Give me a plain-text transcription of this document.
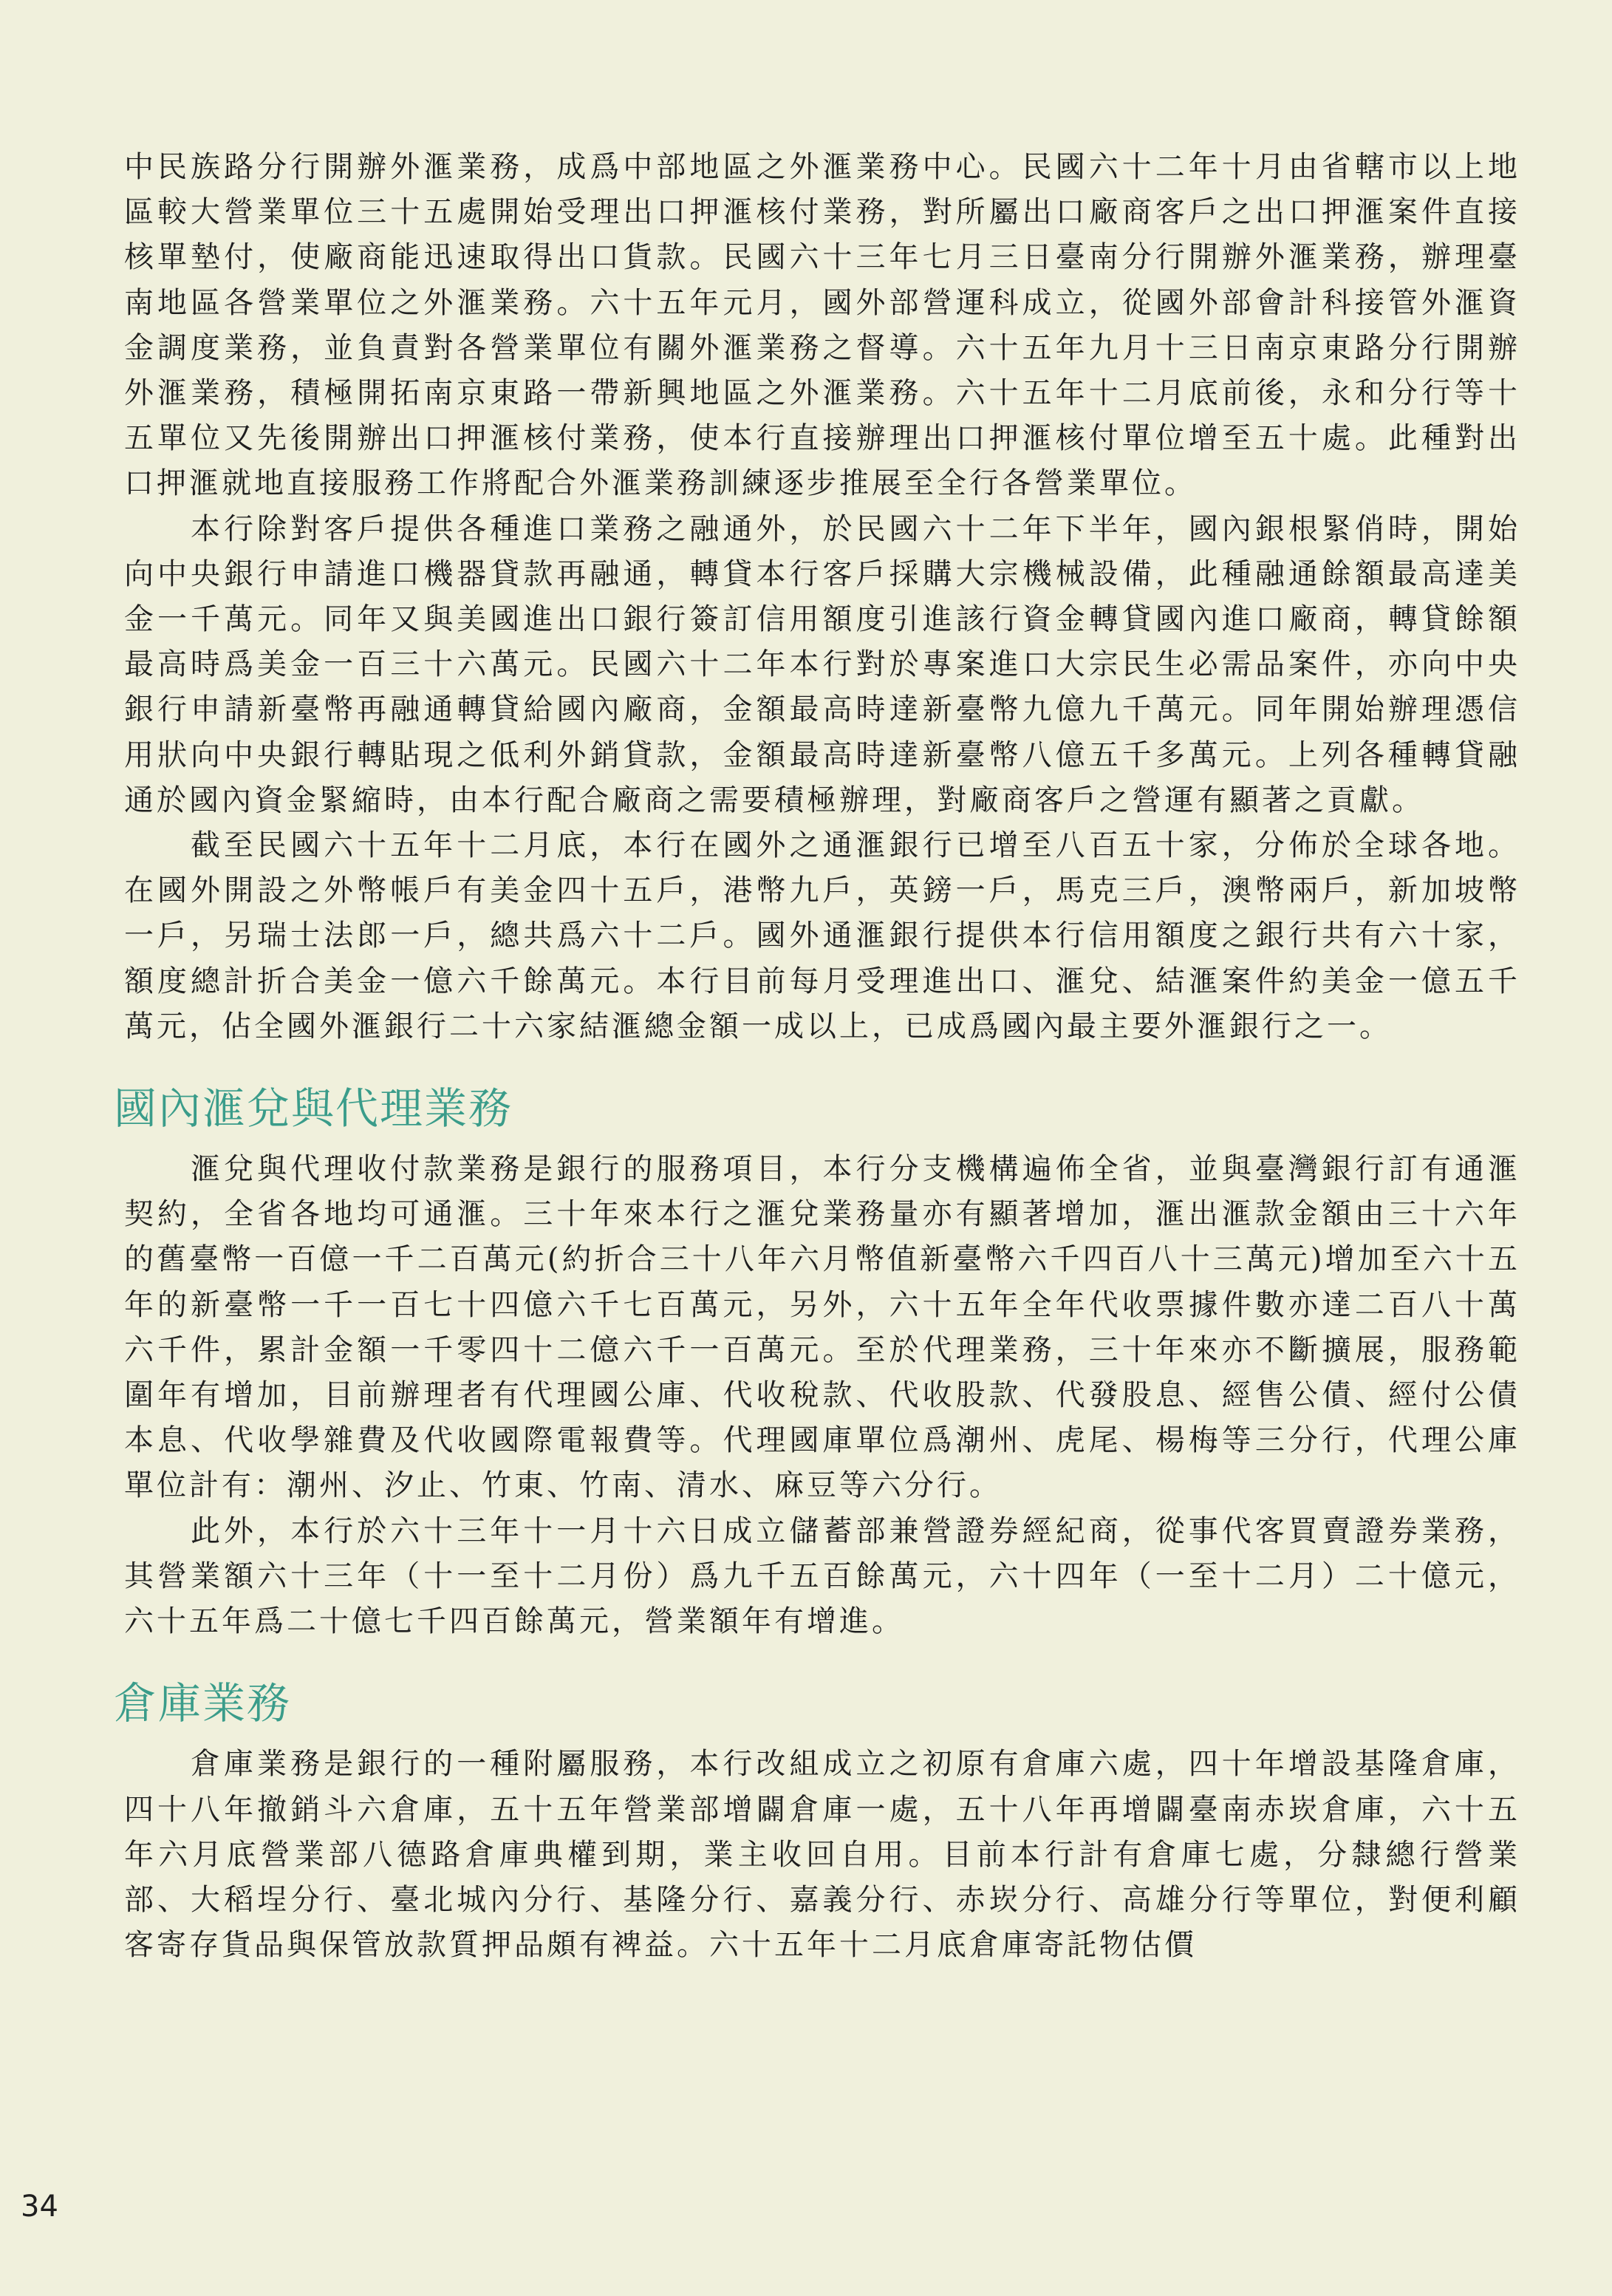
中民族路分行開辦外滙業務，成爲中部地區之外滙業務中心。民國六十二年十月由省轄市以上地區較大營業單位三十五處開始受理出口押滙核付業務，對所屬出口廠商客戶之出口押滙案件直接核單墊付，使廠商能迅速取得出口貨款。民國六十三年七月三日臺南分行開辦外滙業務，辦理臺南地區各營業單位之外滙業務。六十五年元月，國外部營運科成立，從國外部會計科接管外滙資金調度業務，並負責對各營業單位有關外滙業務之督導。六十五年九月十三日南京東路分行開辦外滙業務，積極開拓南京東路一帶新興地區之外滙業務。六十五年十二月底前後，永和分行等十五單位又先後開辦出口押滙核付業務，使本行直接辦理出口押滙核付單位增至五十處。此種對出口押滙就地直接服務工作將配合外滙業務訓練逐步推展至全行各營業單位。

本行除對客戶提供各種進口業務之融通外，於民國六十二年下半年，國內銀根緊俏時，開始向中央銀行申請進口機器貸款再融通，轉貸本行客戶採購大宗機械設備，此種融通餘額最高達美金一千萬元。同年又與美國進出口銀行簽訂信用額度引進該行資金轉貸國內進口廠商，轉貸餘額最高時爲美金一百三十六萬元。民國六十二年本行對於專案進口大宗民生必需品案件，亦向中央銀行申請新臺幣再融通轉貸給國內廠商，金額最高時達新臺幣九億九千萬元。同年開始辦理憑信用狀向中央銀行轉貼現之低利外銷貸款，金額最高時達新臺幣八億五千多萬元。上列各種轉貸融通於國內資金緊縮時，由本行配合廠商之需要積極辦理，對廠商客戶之營運有顯著之貢獻。

截至民國六十五年十二月底，本行在國外之通滙銀行已增至八百五十家，分佈於全球各地。在國外開設之外幣帳戶有美金四十五戶，港幣九戶，英鎊一戶，馬克三戶，澳幣兩戶，新加坡幣一戶，另瑞士法郎一戶，總共爲六十二戶。國外通滙銀行提供本行信用額度之銀行共有六十家，額度總計折合美金一億六千餘萬元。本行目前每月受理進出口、滙兌、結滙案件約美金一億五千萬元，佔全國外滙銀行二十六家結滙總金額一成以上，已成爲國內最主要外滙銀行之一。

國內滙兌與代理業務

滙兌與代理收付款業務是銀行的服務項目，本行分支機構遍佈全省，並與臺灣銀行訂有通滙契約，全省各地均可通滙。三十年來本行之滙兌業務量亦有顯著增加，滙出滙款金額由三十六年的舊臺幣一百億一千二百萬元(約折合三十八年六月幣值新臺幣六千四百八十三萬元)增加至六十五年的新臺幣一千一百七十四億六千七百萬元，另外，六十五年全年代收票據件數亦達二百八十萬六千件，累計金額一千零四十二億六千一百萬元。至於代理業務，三十年來亦不斷擴展，服務範圍年有增加，目前辦理者有代理國公庫、代收稅款、代收股款、代發股息、經售公債、經付公債本息、代收學雜費及代收國際電報費等。代理國庫單位爲潮州、虎尾、楊梅等三分行，代理公庫單位計有：潮州、汐止、竹東、竹南、清水、麻豆等六分行。

此外，本行於六十三年十一月十六日成立儲蓄部兼營證券經紀商，從事代客買賣證券業務，其營業額六十三年（十一至十二月份）爲九千五百餘萬元，六十四年（一至十二月）二十億元，六十五年爲二十億七千四百餘萬元，營業額年有增進。

倉庫業務

倉庫業務是銀行的一種附屬服務，本行改組成立之初原有倉庫六處，四十年增設基隆倉庫，四十八年撤銷斗六倉庫，五十五年營業部增闢倉庫一處，五十八年再增闢臺南赤崁倉庫，六十五年六月底營業部八德路倉庫典權到期，業主收回自用。目前本行計有倉庫七處，分隸總行營業部、大稻埕分行、臺北城內分行、基隆分行、嘉義分行、赤崁分行、高雄分行等單位，對便利顧客寄存貨品與保管放款質押品頗有裨益。六十五年十二月底倉庫寄託物估價

34
